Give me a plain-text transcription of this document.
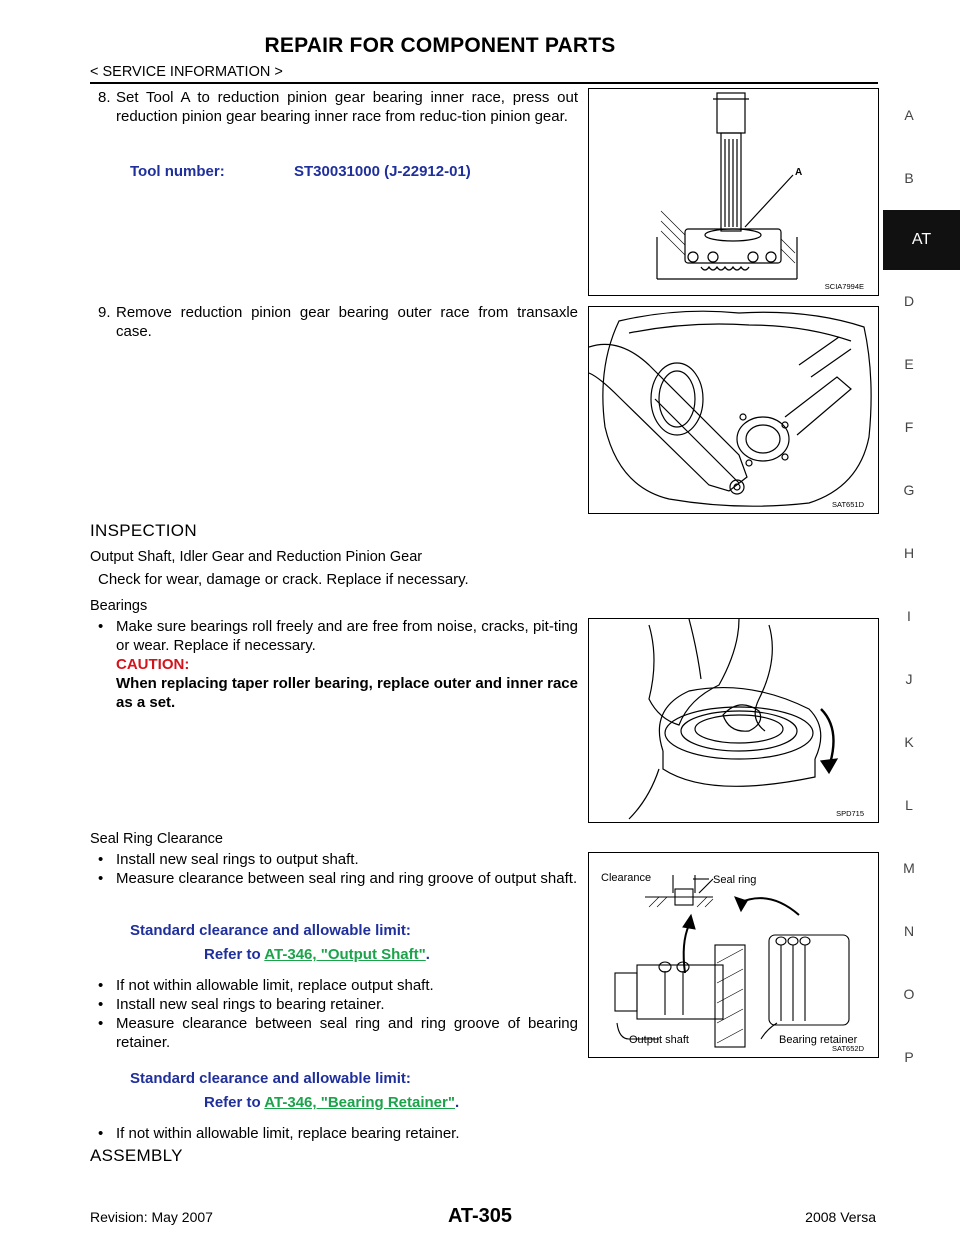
REPAIR FOR COMPONENT PARTS
< SERVICE INFORMATION >
A
B
AT
D
E
F
G
H
I
J
K
L
M
N
O
P
8. Set Tool A to reduction pinion gear bearing inner race, press out reduction pinion gear bearing inner race from reduc-tion pinion gear.
Tool number:	ST30031000 (J-22912-01)	A
SCIA7994E
9. Remove reduction pinion gear bearing outer race from transaxle case.
SAT651D
INSPECTION
Output Shaft, Idler Gear and Reduction Pinion Gear
Check for wear, damage or crack. Replace if necessary.
Bearings
• Make sure bearings roll freely and are free from noise, cracks, pit-ting or wear. Replace if necessary.
CAUTION:
When replacing taper roller bearing, replace outer and inner race as a set.
SPD715
Seal Ring Clearance
• Install new seal rings to output shaft.
• Measure clearance between seal ring and ring groove of output shaft.
Standard clearance and allowable limit:
Refer to AT-346, "Output Shaft".
• If not within allowable limit, replace output shaft.
• Install new seal rings to bearing retainer.
• Measure clearance between seal ring and ring groove of bearing retainer.
Standard clearance and allowable limit:
Refer to AT-346, "Bearing Retainer".
• If not within allowable limit, replace bearing retainer.
Clearance	Seal ring
Output shaft	Bearing retainer
SAT652D
ASSEMBLY
Revision: May 2007	AT-305	2008 Versa
